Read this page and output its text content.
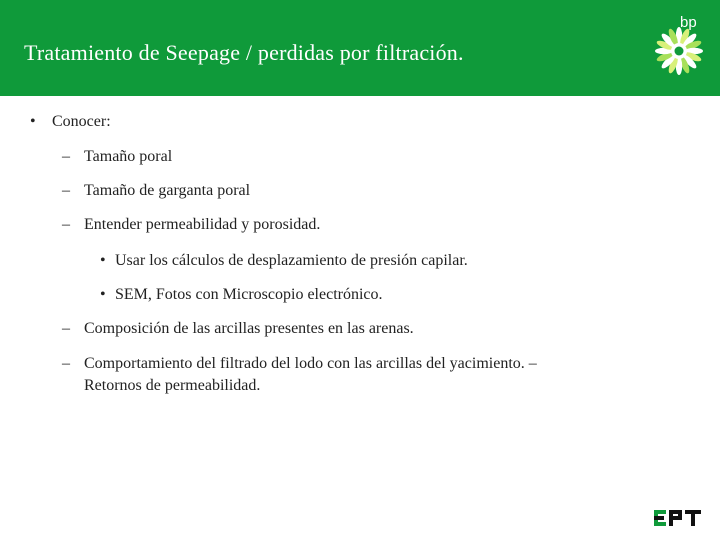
Tratamiento de Seepage / perdidas por filtración.
bp
• Conocer:
– Tamaño poral
– Tamaño de garganta poral
– Entender permeabilidad y porosidad.
• Usar los cálculos de desplazamiento de presión capilar.
• SEM, Fotos con Microscopio electrónico.
– Composición de las arcillas presentes en las arenas.
– Comportamiento del filtrado del lodo con las arcillas del yacimiento. –
Retornos de permeabilidad.
